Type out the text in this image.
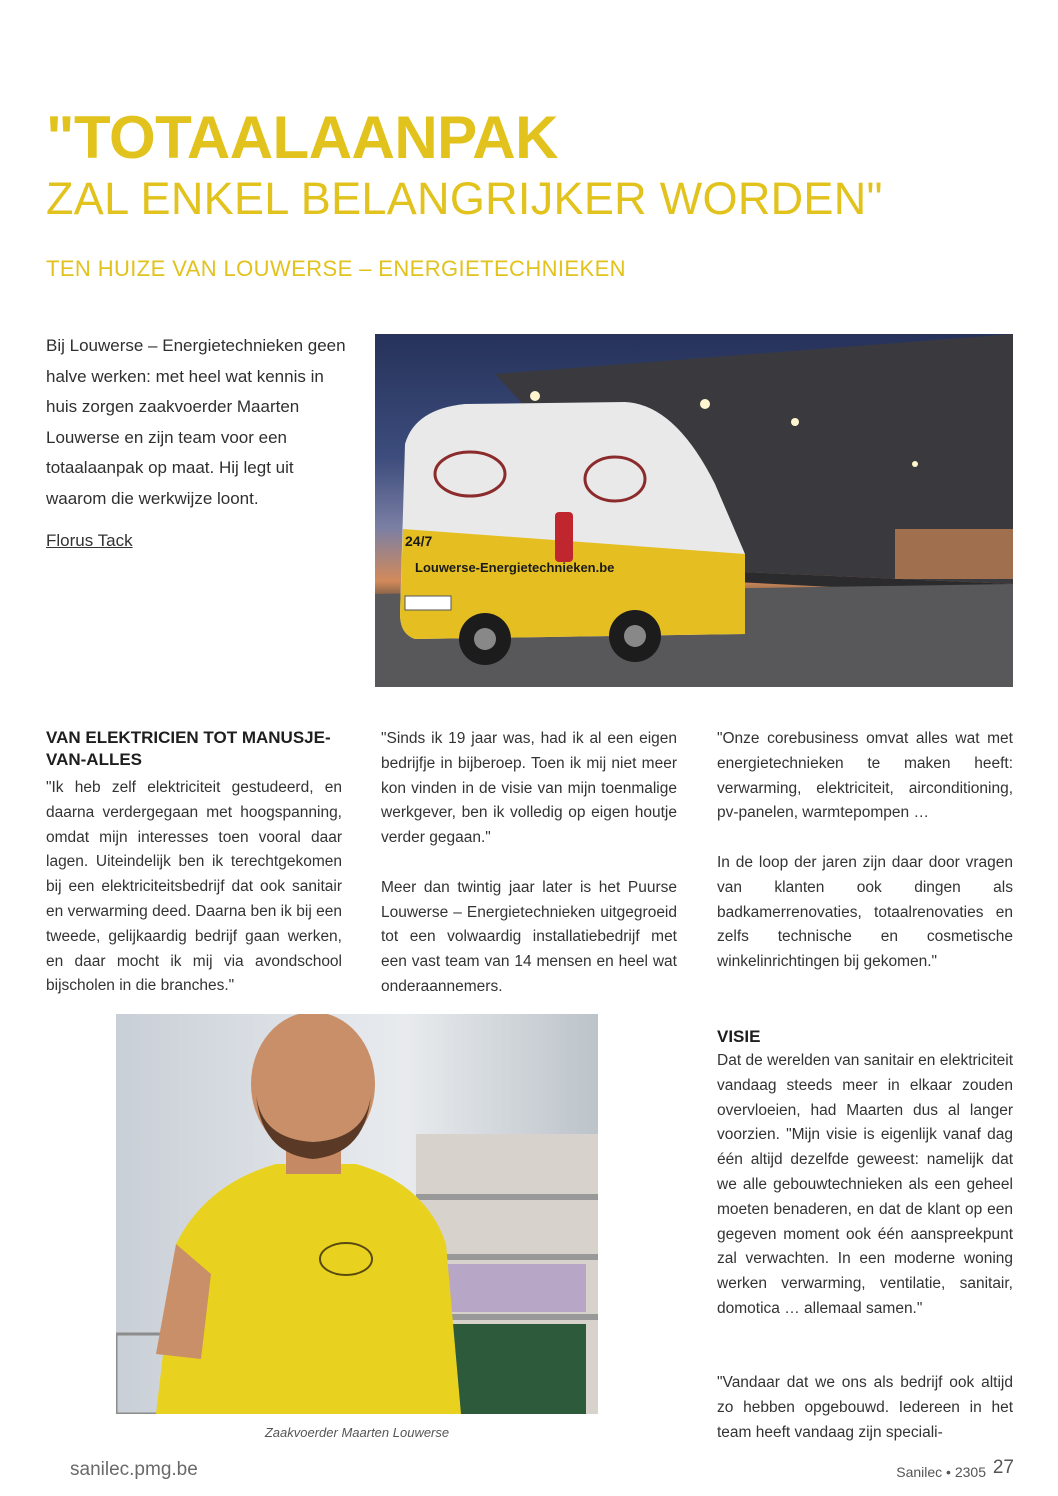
"TOTAALAANPAK
ZAL ENKEL BELANGRIJKER WORDEN"
TEN HUIZE VAN LOUWERSE – ENERGIETECHNIEKEN
Bij Louwerse – Energietechnieken geen halve werken: met heel wat kennis in huis zorgen zaakvoerder Maarten Louwerse en zijn team voor een totaalaanpak op maat. Hij legt uit waarom die werkwijze loont.
Florus Tack
Louwerse-Energietechnieken.be
24/7
VAN ELEKTRICIEN TOT MANUSJE-VAN-ALLES

"Ik heb zelf elektriciteit gestudeerd, en daarna verdergegaan met hoogspanning, omdat mijn interesses toen vooral daar lagen. Uiteindelijk ben ik terechtgekomen bij een elektriciteitsbedrijf dat ook sanitair en verwarming deed. Daarna ben ik bij een tweede, gelijkaardig bedrijf gaan werken, en daar mocht ik mij via avondschool bijscholen in die branches."

"Sinds ik 19 jaar was, had ik al een eigen bedrijfje in bijberoep. Toen ik mij niet meer kon vinden in de visie van mijn toenmalige werkgever, ben ik volledig op eigen houtje verder gegaan."

Meer dan twintig jaar later is het Puurse Louwerse – Energietechnieken uitgegroeid tot een volwaardig installatiebedrijf met een vast team van 14 mensen en heel wat onderaannemers.

"Onze corebusiness omvat alles wat met energietechnieken te maken heeft: verwarming, elektriciteit, airconditioning, pv-panelen, warmtepompen …

In de loop der jaren zijn daar door vragen van klanten ook dingen als badkamerrenovaties, totaalrenovaties en zelfs technische en cosmetische winkelinrichtingen bij gekomen."

VISIE
Dat de werelden van sanitair en elektriciteit vandaag steeds meer in elkaar zouden overvloeien, had Maarten dus al langer voorzien. "Mijn visie is eigenlijk vanaf dag één altijd dezelfde geweest: namelijk dat we alle gebouwtechnieken als een geheel moeten benaderen, en dat de klant op een gegeven moment ook één aanspreekpunt zal verwachten. In een moderne woning werken verwarming, ventilatie, sanitair, domotica … allemaal samen."
"Vandaar dat we ons als bedrijf ook altijd zo hebben opgebouwd. Iedereen in het team heeft vandaag zijn speciali-
Zaakvoerder Maarten Louwerse
sanilec.pmg.be	27
Sanilec • 2305
